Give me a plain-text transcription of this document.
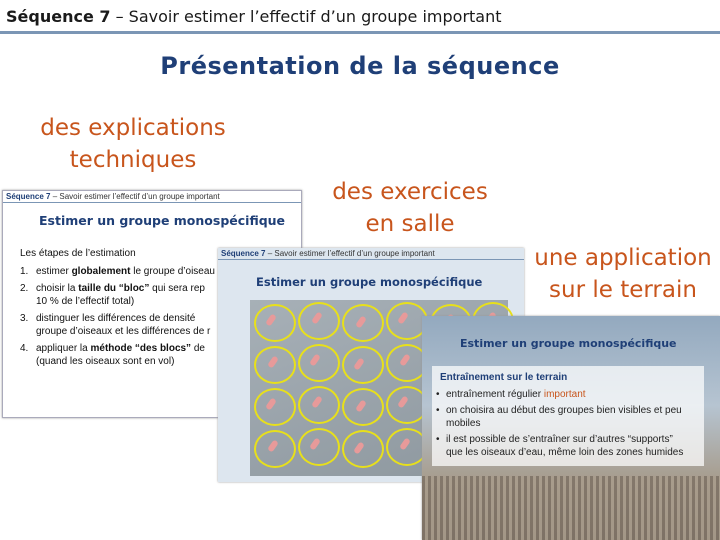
Séquence 7 – Savoir estimer l’effectif d’un groupe important
Présentation de la séquence
des explications
techniques
des exercices
en salle
une application
sur le terrain
Séquence 7 – Savoir estimer l’effectif d’un groupe important
Estimer un groupe monospécifique
Les étapes de l’estimation
1. estimer globalement le groupe d’oiseau
2. choisir la taille du “bloc” qui sera rep
10 % de l’effectif total)
3. distinguer les différences de densité
groupe d’oiseaux et les différences de r
4. appliquer la méthode “des blocs” de
(quand les oiseaux sont en vol)
Séquence 7 – Savoir estimer l’effectif d’un groupe important
Estimer un groupe monospécifique
Estimer un groupe monospécifique
Entraînement sur le terrain
• entraînement régulier important
• on choisira au début des groupes bien visibles et peu
mobiles
• il est possible de s’entraîner sur d’autres “supports”
que les oiseaux d’eau, même loin des zones humides
